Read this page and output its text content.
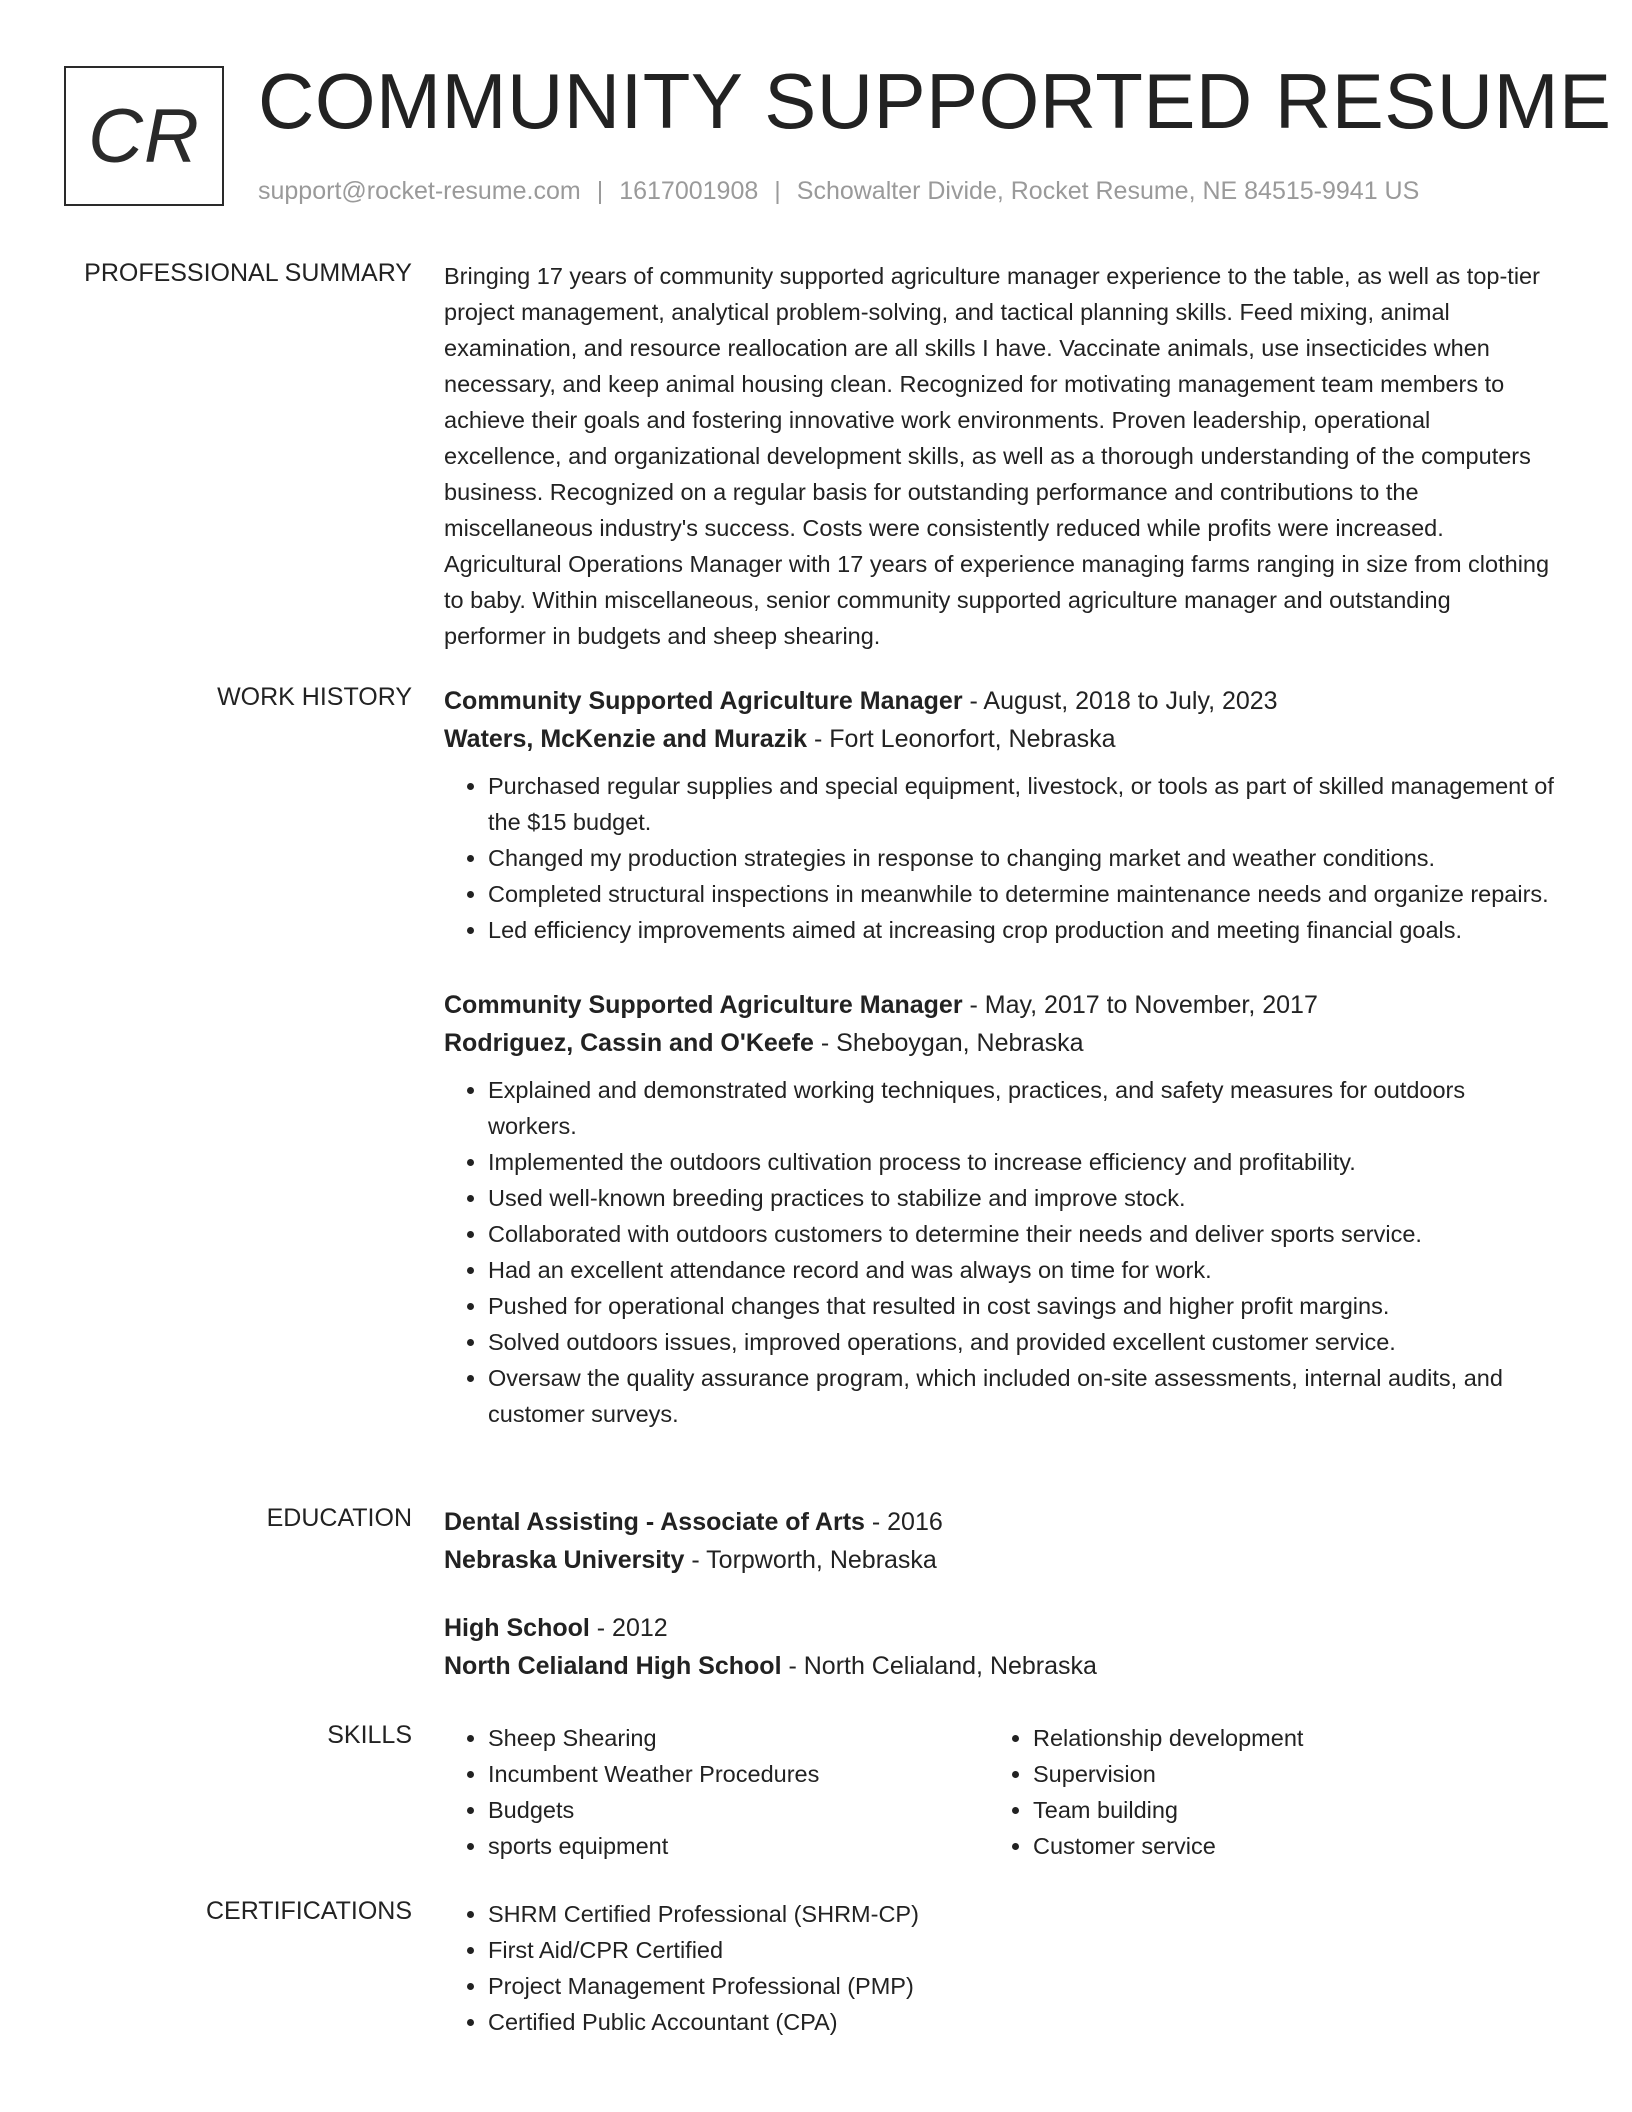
CR COMMUNITY SUPPORTED RESUME
support@rocket-resume.com | 1617001908 | Schowalter Divide, Rocket Resume, NE 84515-9941 US
PROFESSIONAL SUMMARY Bringing 17 years of community supported agriculture manager experience to the table, as well as top-tier project management, analytical problem-solving, and tactical planning skills. Feed mixing, animal examination, and resource reallocation are all skills I have. Vaccinate animals, use insecticides when necessary, and keep animal housing clean. Recognized for motivating management team members to achieve their goals and fostering innovative work environments. Proven leadership, operational excellence, and organizational development skills, as well as a thorough understanding of the computers business. Recognized on a regular basis for outstanding performance and contributions to the miscellaneous industry's success. Costs were consistently reduced while profits were increased. Agricultural Operations Manager with 17 years of experience managing farms ranging in size from clothing to baby. Within miscellaneous, senior community supported agriculture manager and outstanding performer in budgets and sheep shearing.

WORK HISTORY Community Supported Agriculture Manager - August, 2018 to July, 2023
Waters, McKenzie and Murazik - Fort Leonorfort, Nebraska
• Purchased regular supplies and special equipment, livestock, or tools as part of skilled management of the $15 budget.
• Changed my production strategies in response to changing market and weather conditions.
• Completed structural inspections in meanwhile to determine maintenance needs and organize repairs.
• Led efficiency improvements aimed at increasing crop production and meeting financial goals.
Community Supported Agriculture Manager - May, 2017 to November, 2017
Rodriguez, Cassin and O'Keefe - Sheboygan, Nebraska
• Explained and demonstrated working techniques, practices, and safety measures for outdoors workers.
• Implemented the outdoors cultivation process to increase efficiency and profitability.
• Used well-known breeding practices to stabilize and improve stock.
• Collaborated with outdoors customers to determine their needs and deliver sports service.
• Had an excellent attendance record and was always on time for work.
• Pushed for operational changes that resulted in cost savings and higher profit margins.
• Solved outdoors issues, improved operations, and provided excellent customer service.
• Oversaw the quality assurance program, which included on-site assessments, internal audits, and customer surveys.
EDUCATION Dental Assisting - Associate of Arts - 2016
Nebraska University - Torpworth, Nebraska
High School - 2012
North Celialand High School - North Celialand, Nebraska
SKILLS	• Sheep Shearing
• Incumbent Weather Procedures
• Budgets
• sports equipment
• Relationship development
• Supervision
• Team building
• Customer service
CERTIFICATIONS	• SHRM Certified Professional (SHRM-CP)
• First Aid/CPR Certified
• Project Management Professional (PMP)
• Certified Public Accountant (CPA)
